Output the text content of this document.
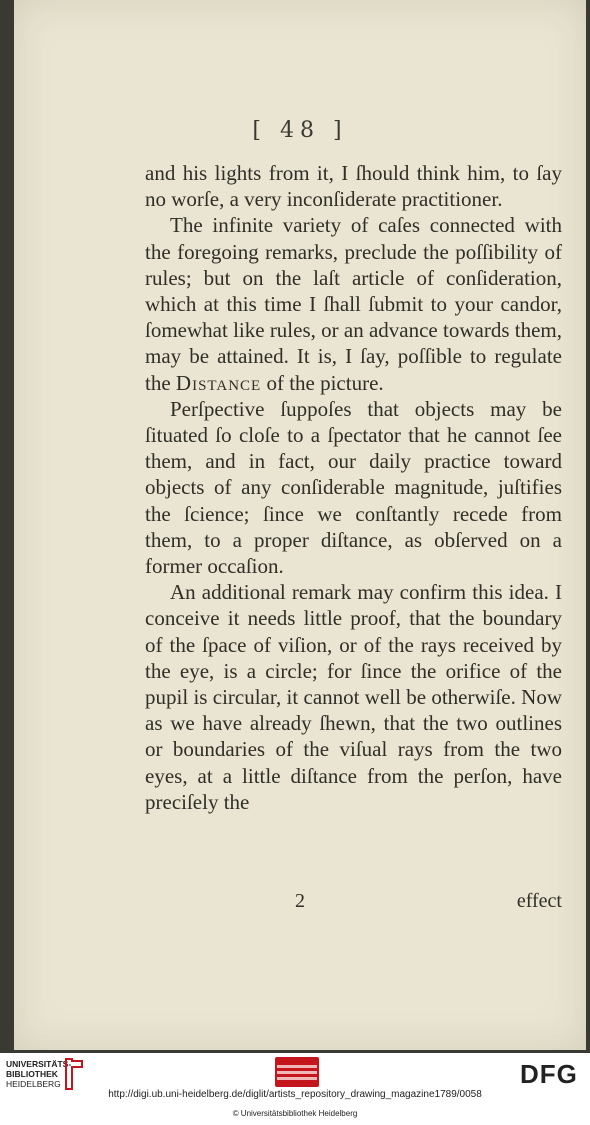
[ 48 ]

and his lights from it, I ſhould think him, to ſay no worſe, a very inconſiderate practitioner.

The infinite variety of caſes connected with the foregoing remarks, preclude the poſſibility of rules; but on the laſt article of conſideration, which at this time I ſhall ſubmit to your candor, ſomewhat like rules, or an advance towards them, may be attained. It is, I ſay, poſſible to regulate the Distance of the picture.

Perſpective ſuppoſes that objects may be ſituated ſo cloſe to a ſpectator that he cannot ſee them, and in fact, our daily practice toward objects of any conſiderable magnitude, juſtifies the ſcience; ſince we conſtantly recede from them, to a proper diſtance, as obſerved on a former occaſion.

An additional remark may confirm this idea. I conceive it needs little proof, that the boundary of the ſpace of viſion, or of the rays received by the eye, is a circle; for ſince the orifice of the pupil is circular, it cannot well be otherwiſe. Now as we have already ſhewn, that the two outlines or boundaries of the viſual rays from the two eyes, at a little diſtance from the perſon, have preciſely the

2	effect
UNIVERSITÄTS-
BIBLIOTHEK
HEIDELBERG	DFG
http://digi.ub.uni-heidelberg.de/diglit/artists_repository_drawing_magazine1789/0058
© Universitätsbibliothek Heidelberg
